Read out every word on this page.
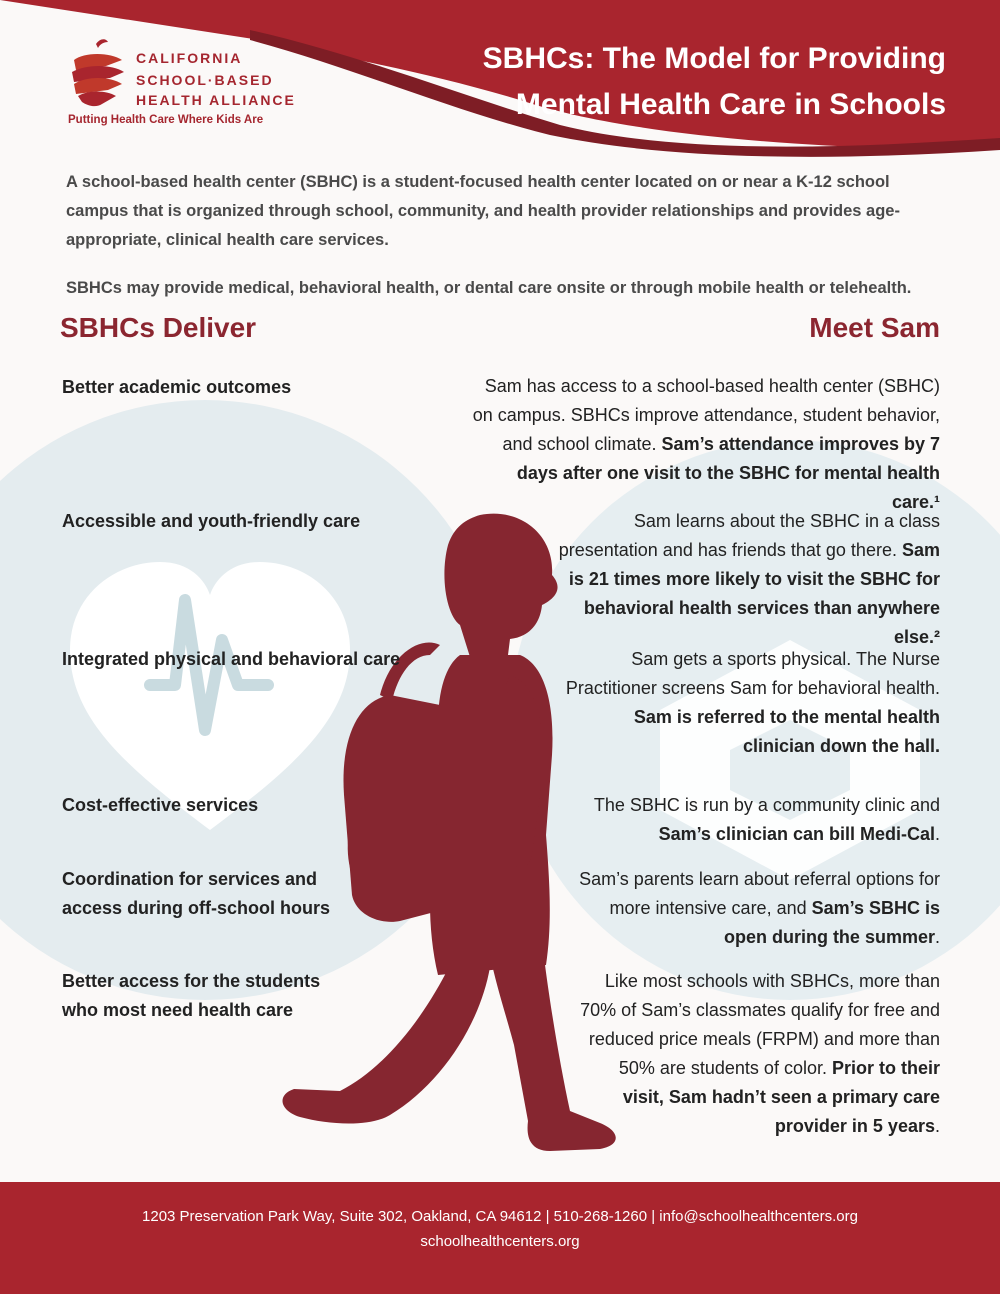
CALIFORNIA
SCHOOL·BASED
HEALTH ALLIANCE
Putting Health Care Where Kids Are
SBHCs: The Model for Providing
Mental Health Care in Schools
A school-based health center (SBHC) is a student-focused health center located on or near a K-12 school campus that is organized through school, community, and health provider relationships and provides age-appropriate, clinical health care services.
SBHCs may provide medical, behavioral health, or dental care onsite or through mobile health or telehealth.
SBHCs Deliver	Meet Sam
Better academic outcomes
Accessible and youth-friendly care
Integrated physical and behavioral care
Cost-effective services
Coordination for services and access during off-school hours
Better access for the students who most need health care
Sam has access to a school-based health center (SBHC) on campus. SBHCs improve attendance, student behavior, and school climate. Sam’s attendance improves by 7 days after one visit to the SBHC for mental health care.¹
Sam learns about the SBHC in a class presentation and has friends that go there. Sam is 21 times more likely to visit the SBHC for behavioral health services than anywhere else.²
Sam gets a sports physical. The Nurse Practitioner screens Sam for behavioral health. Sam is referred to the mental health clinician down the hall.
The SBHC is run by a community clinic and Sam’s clinician can bill Medi-Cal.
Sam’s parents learn about referral options for more intensive care, and Sam’s SBHC is open during the summer.
Like most schools with SBHCs, more than 70% of Sam’s classmates qualify for free and reduced price meals (FRPM) and more than 50% are students of color. Prior to their visit, Sam hadn’t seen a primary care provider in 5 years.
1203 Preservation Park Way, Suite 302, Oakland, CA 94612 | 510-268-1260 | info@schoolhealthcenters.org
schoolhealthcenters.org
